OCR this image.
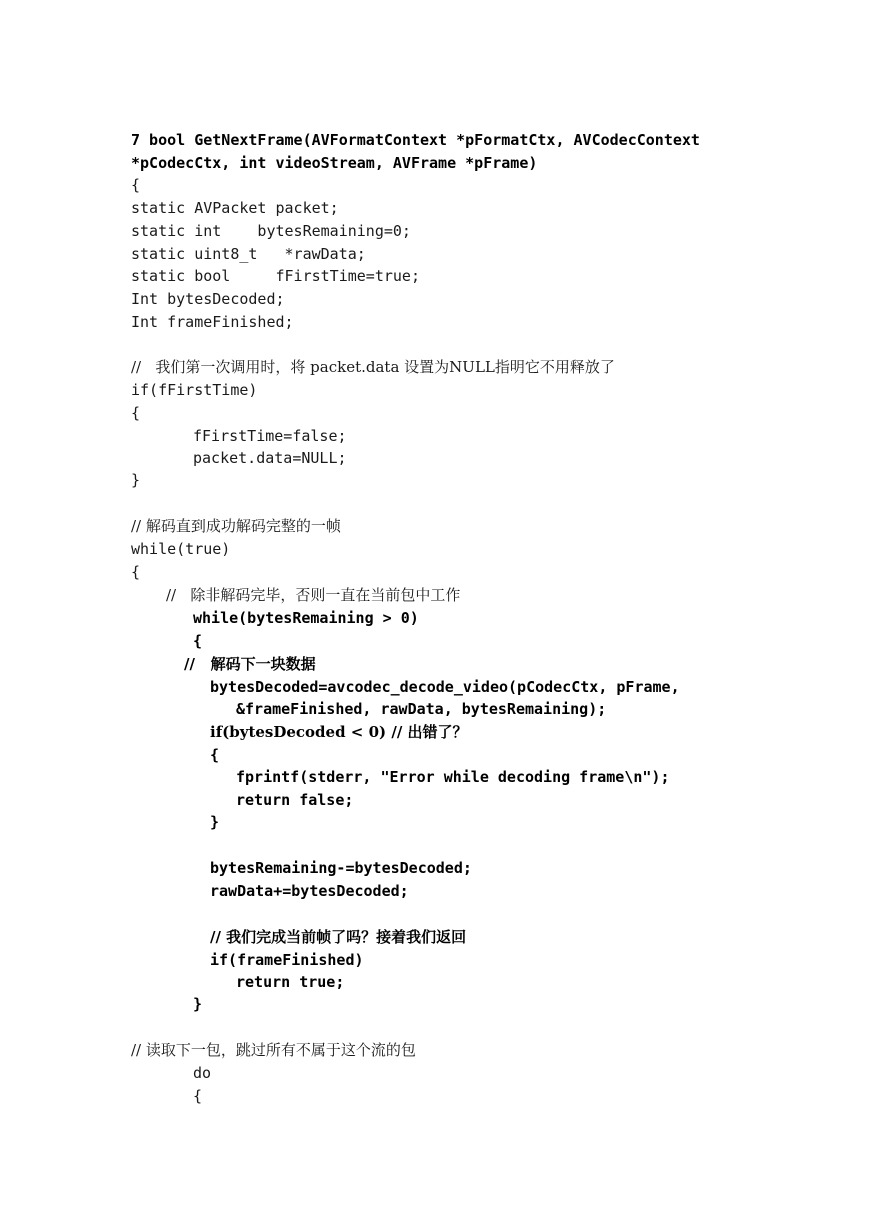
7 bool GetNextFrame(AVFormatContext *pFormatCtx, AVCodecContext
*pCodecCtx, int videoStream, AVFrame *pFrame)
{
static AVPacket packet;
static int    bytesRemaining=0;
static uint8_t   *rawData;
static bool     fFirstTime=true;
Int bytesDecoded;
Int frameFinished;
//   我们第一次调用时，将 packet.data 设置为NULL指明它不用释放了
if(fFirstTime)
{
fFirstTime=false;
packet.data=NULL;
}
// 解码直到成功解码完整的一帧
while(true)
{
//   除非解码完毕，否则一直在当前包中工作
while(bytesRemaining > 0)
{
//   解码下一块数据
bytesDecoded=avcodec_decode_video(pCodecCtx, pFrame,
&frameFinished, rawData, bytesRemaining);
if(bytesDecoded < 0) // 出错了？
{
fprintf(stderr, "Error while decoding frame\n");
return false;
}
bytesRemaining-=bytesDecoded;
rawData+=bytesDecoded;
// 我们完成当前帧了吗？接着我们返回
if(frameFinished)
return true;
}
// 读取下一包，跳过所有不属于这个流的包
do
{
